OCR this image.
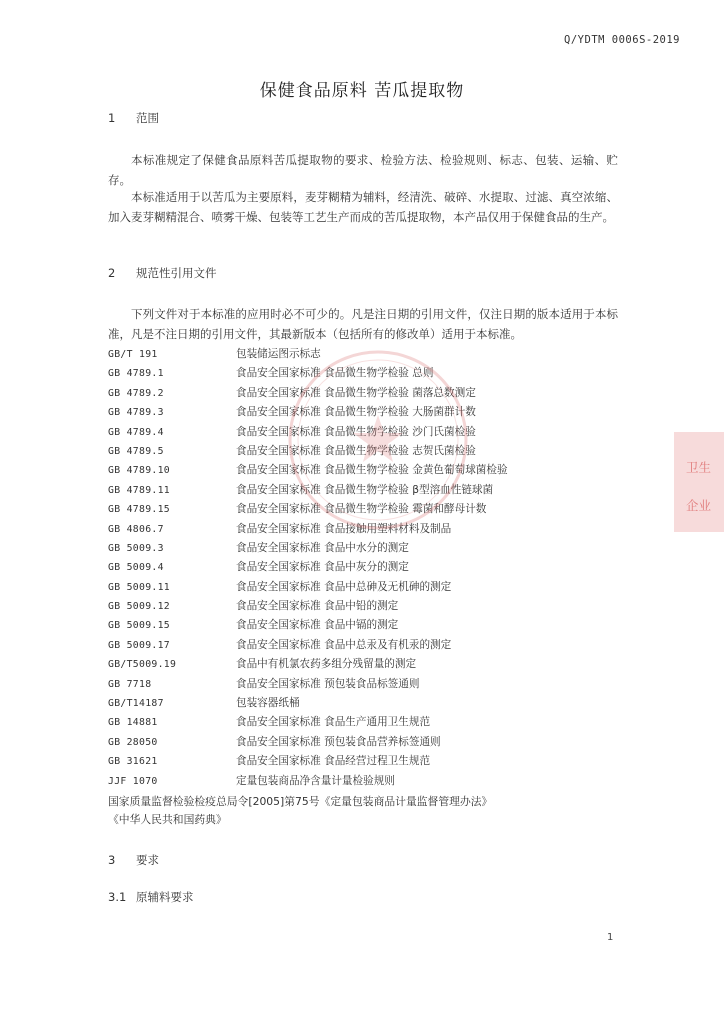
Q/YDTM 0006S-2019
保健食品原料 苦瓜提取物
1 范围
本标准规定了保健食品原料苦瓜提取物的要求、检验方法、检验规则、标志、包装、运输、贮存。
本标准适用于以苦瓜为主要原料，麦芽糊精为辅料，经清洗、破碎、水提取、过滤、真空浓缩、加入麦芽糊精混合、喷雾干燥、包装等工艺生产而成的苦瓜提取物，本产品仅用于保健食品的生产。
2 规范性引用文件
下列文件对于本标准的应用时必不可少的。凡是注日期的引用文件，仅注日期的版本适用于本标准，凡是不注日期的引用文件，其最新版本（包括所有的修改单）适用于本标准。
GB/T 191	包装储运图示标志
GB 4789.1	食品安全国家标准 食品微生物学检验 总则
GB 4789.2	食品安全国家标准 食品微生物学检验 菌落总数测定
GB 4789.3	食品安全国家标准 食品微生物学检验 大肠菌群计数
GB 4789.4	食品安全国家标准 食品微生物学检验 沙门氏菌检验
GB 4789.5	食品安全国家标准 食品微生物学检验 志贺氏菌检验
GB 4789.10	食品安全国家标准 食品微生物学检验 金黄色葡萄球菌检验
GB 4789.11	食品安全国家标准 食品微生物学检验 β型溶血性链球菌
GB 4789.15	食品安全国家标准 食品微生物学检验 霉菌和酵母计数
GB 4806.7	食品安全国家标准 食品接触用塑料材料及制品
GB 5009.3	食品安全国家标准 食品中水分的测定
GB 5009.4	食品安全国家标准 食品中灰分的测定
GB 5009.11	食品安全国家标准 食品中总砷及无机砷的测定
GB 5009.12	食品安全国家标准 食品中铅的测定
GB 5009.15	食品安全国家标准 食品中镉的测定
GB 5009.17	食品安全国家标准 食品中总汞及有机汞的测定
GB/T5009.19	食品中有机氯农药多组分残留量的测定
GB 7718	食品安全国家标准 预包装食品标签通则
GB/T14187	包装容器纸桶
GB 14881	食品安全国家标准 食品生产通用卫生规范
GB 28050	食品安全国家标准 预包装食品营养标签通则
GB 31621	食品安全国家标准 食品经营过程卫生规范
JJF 1070	定量包装商品净含量计量检验规则
国家质量监督检验检疫总局令[2005]第75号《定量包装商品计量监督管理办法》
《中华人民共和国药典》
3 要求
3.1 原辅料要求
1
卫生
企业
